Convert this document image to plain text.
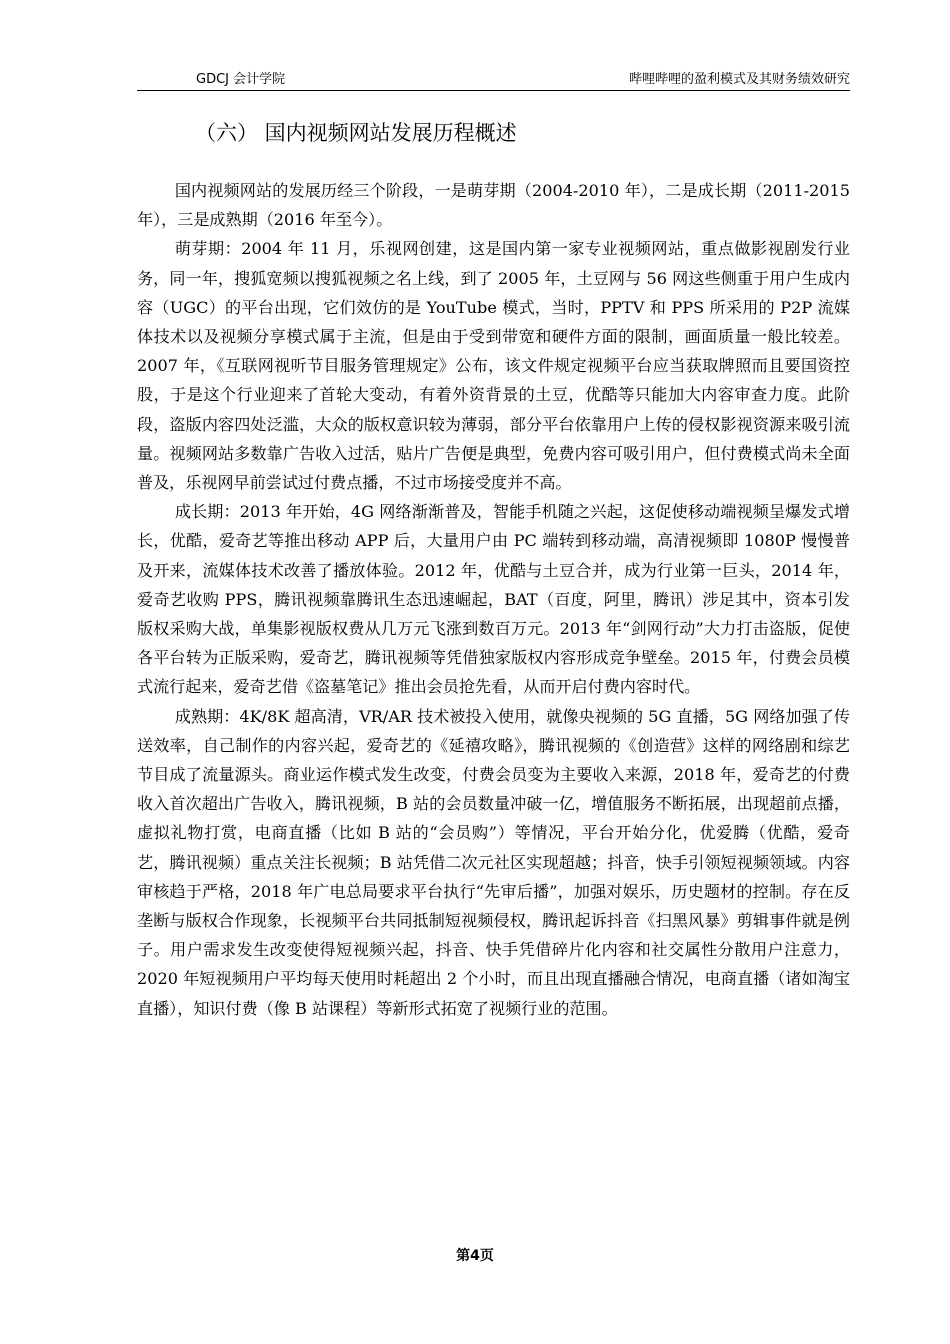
GDCJ 会计学院	哔哩哔哩的盈利模式及其财务绩效研究
（六） 国内视频网站发展历程概述

国内视频网站的发展历经三个阶段，一是萌芽期（2004-2010 年），二是成长期（2011-2015 年），三是成熟期（2016 年至今）。

萌芽期：2004 年 11 月，乐视网创建，这是国内第一家专业视频网站，重点做影视剧发行业务，同一年，搜狐宽频以搜狐视频之名上线，到了 2005 年，土豆网与 56 网这些侧重于用户生成内容（UGC）的平台出现，它们效仿的是 YouTube 模式，当时，PPTV 和 PPS 所采用的 P2P 流媒体技术以及视频分享模式属于主流，但是由于受到带宽和硬件方面的限制，画面质量一般比较差。2007 年，《互联网视听节目服务管理规定》公布，该文件规定视频平台应当获取牌照而且要国资控股，于是这个行业迎来了首轮大变动，有着外资背景的土豆，优酷等只能加大内容审查力度。此阶段，盗版内容四处泛滥，大众的版权意识较为薄弱，部分平台依靠用户上传的侵权影视资源来吸引流量。视频网站多数靠广告收入过活，贴片广告便是典型，免费内容可吸引用户，但付费模式尚未全面普及，乐视网早前尝试过付费点播，不过市场接受度并不高。

成长期：2013 年开始，4G 网络渐渐普及，智能手机随之兴起，这促使移动端视频呈爆发式增长，优酷，爱奇艺等推出移动 APP 后，大量用户由 PC 端转到移动端，高清视频即 1080P 慢慢普及开来，流媒体技术改善了播放体验。2012 年，优酷与土豆合并，成为行业第一巨头，2014 年，爱奇艺收购 PPS，腾讯视频靠腾讯生态迅速崛起，BAT（百度，阿里，腾讯）涉足其中，资本引发版权采购大战，单集影视版权费从几万元飞涨到数百万元。2013 年“剑网行动”大力打击盗版，促使各平台转为正版采购，爱奇艺，腾讯视频等凭借独家版权内容形成竞争壁垒。2015 年，付费会员模式流行起来，爱奇艺借《盗墓笔记》推出会员抢先看，从而开启付费内容时代。

成熟期：4K/8K 超高清，VR/AR 技术被投入使用，就像央视频的 5G 直播，5G 网络加强了传送效率，自己制作的内容兴起，爱奇艺的《延禧攻略》，腾讯视频的《创造营》这样的网络剧和综艺节目成了流量源头。商业运作模式发生改变，付费会员变为主要收入来源，2018 年，爱奇艺的付费收入首次超出广告收入，腾讯视频，B 站的会员数量冲破一亿，增值服务不断拓展，出现超前点播，虚拟礼物打赏，电商直播（比如 B 站的“会员购”）等情况，平台开始分化，优爱腾（优酷，爱奇艺，腾讯视频）重点关注长视频；B 站凭借二次元社区实现超越；抖音，快手引领短视频领域。内容审核趋于严格，2018 年广电总局要求平台执行“先审后播”，加强对娱乐，历史题材的控制。存在反垄断与版权合作现象，长视频平台共同抵制短视频侵权，腾讯起诉抖音《扫黑风暴》剪辑事件就是例子。用户需求发生改变使得短视频兴起，抖音、快手凭借碎片化内容和社交属性分散用户注意力，2020 年短视频用户平均每天使用时耗超出 2 个小时，而且出现直播融合情况，电商直播（诸如淘宝直播），知识付费（像 B 站课程）等新形式拓宽了视频行业的范围。

第4页
